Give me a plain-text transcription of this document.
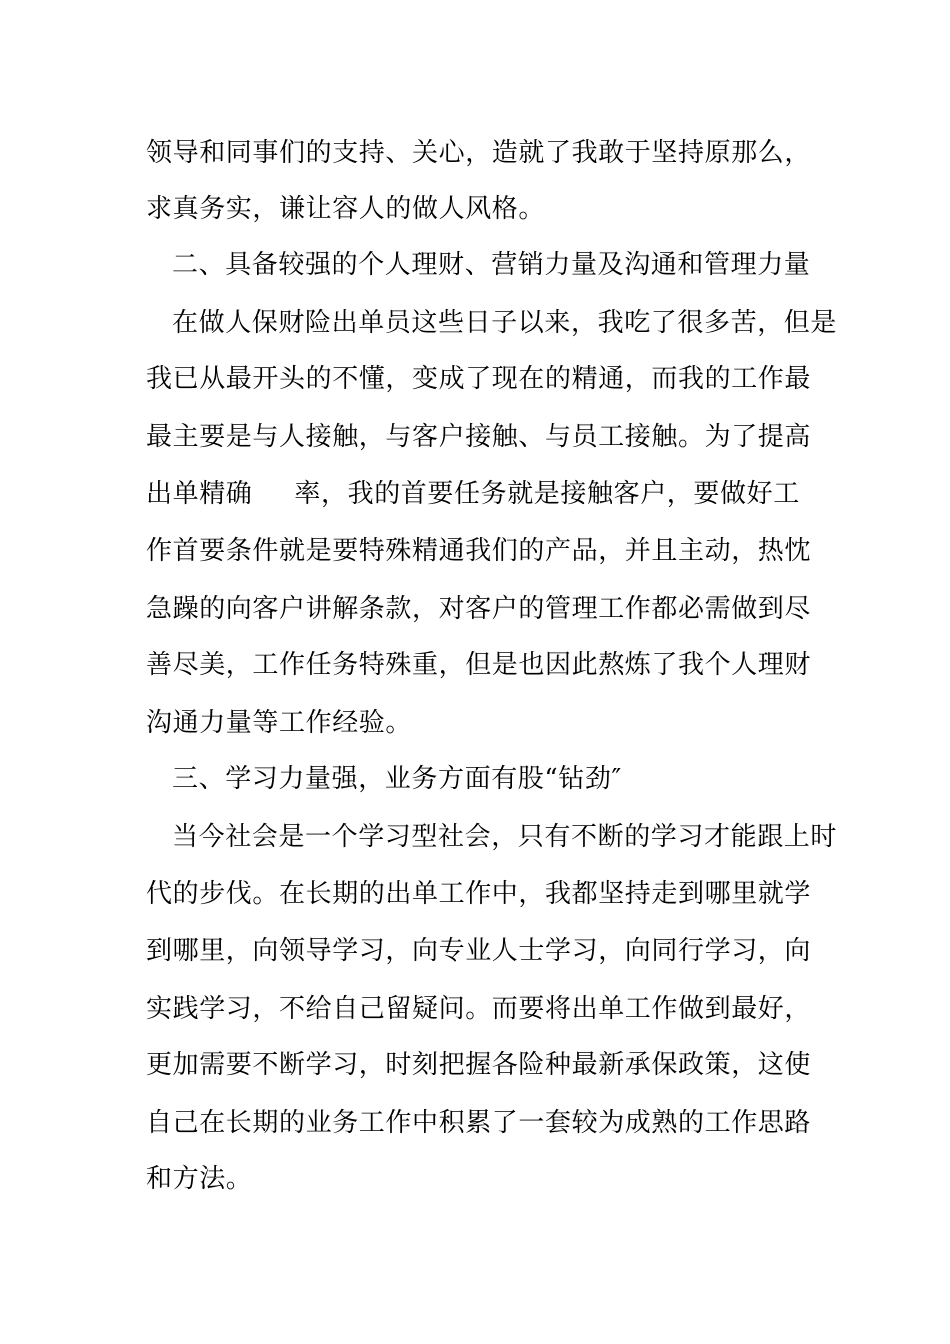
领导和同事们的支持、关心，造就了我敢于坚持原那么，
求真务实，谦让容人的做人风格。
二、具备较强的个人理财、营销力量及沟通和管理力量
在做人保财险出单员这些日子以来，我吃了很多苦，但是
我已从最开头的不懂，变成了现在的精通，而我的工作最
最主要是与人接触，与客户接触、与员工接触。为了提高
出单精确 率，我的首要任务就是接触客户，要做好工
作首要条件就是要特殊精通我们的产品，并且主动，热忱
急躁的向客户讲解条款，对客户的管理工作都必需做到尽
善尽美，工作任务特殊重，但是也因此熬炼了我个人理财
沟通力量等工作经验。
三、学习力量强，业务方面有股“钻劲″
当今社会是一个学习型社会，只有不断的学习才能跟上时
代的步伐。在长期的出单工作中，我都坚持走到哪里就学
到哪里，向领导学习，向专业人士学习，向同行学习，向
实践学习，不给自己留疑问。而要将出单工作做到最好，
更加需要不断学习，时刻把握各险种最新承保政策，这使
自己在长期的业务工作中积累了一套较为成熟的工作思路
和方法。
